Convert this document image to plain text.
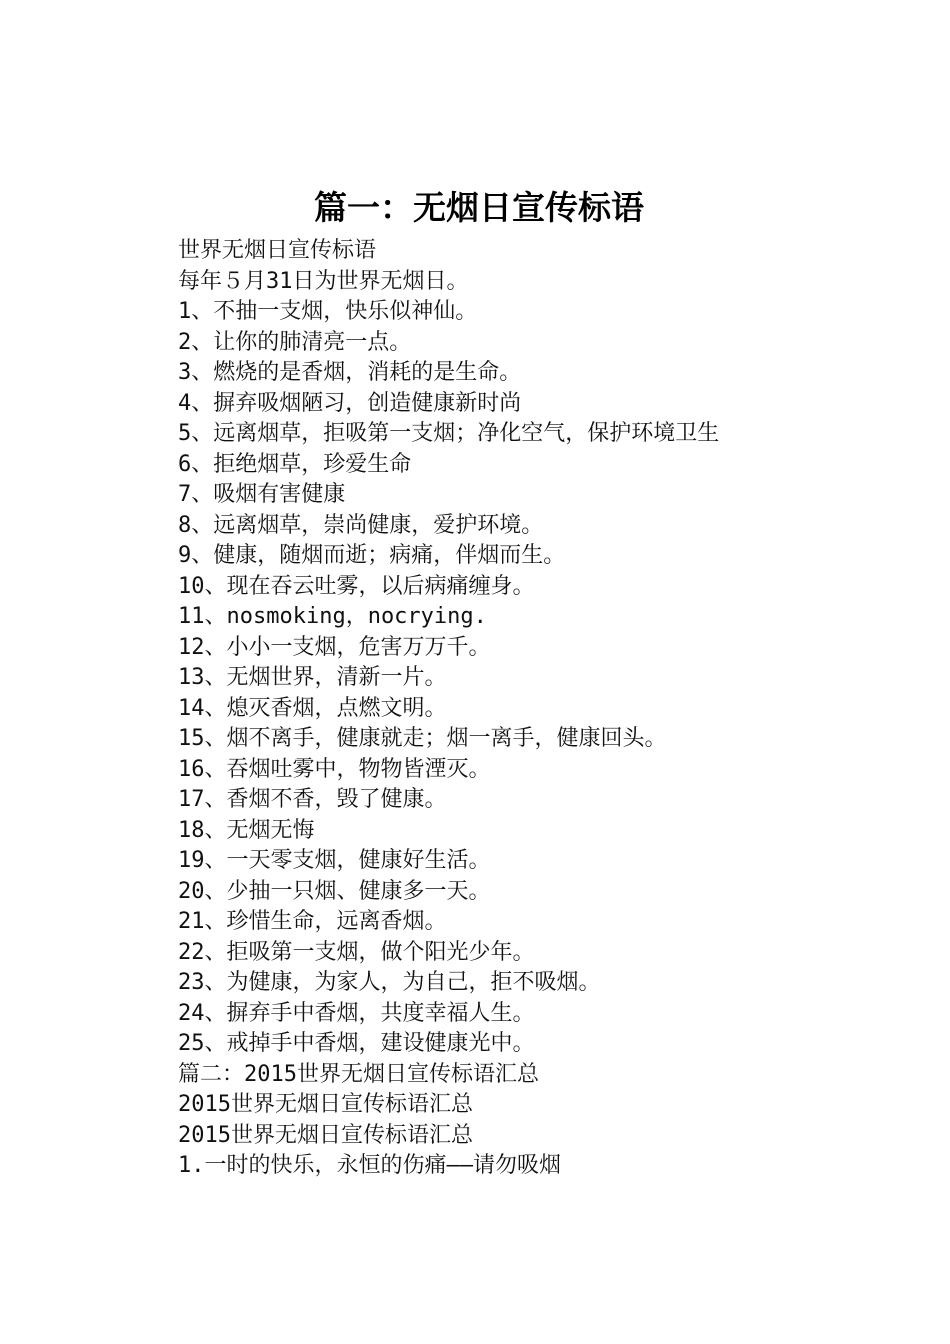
篇一：无烟日宣传标语

世界无烟日宣传标语

每年５月31日为世界无烟日。

1、不抽一支烟，快乐似神仙。

2、让你的肺清亮一点。

3、燃烧的是香烟，消耗的是生命。

4、摒弃吸烟陋习，创造健康新时尚

5、远离烟草，拒吸第一支烟；净化空气，保护环境卫生

6、拒绝烟草，珍爱生命

7、吸烟有害健康

8、远离烟草，崇尚健康，爱护环境。

9、健康，随烟而逝；病痛，伴烟而生。

10、现在吞云吐雾，以后病痛缠身。

11、nosmoking，nocrying.

12、小小一支烟，危害万万千。

13、无烟世界，清新一片。

14、熄灭香烟，点燃文明。

15、烟不离手，健康就走；烟一离手，健康回头。

16、吞烟吐雾中，物物皆湮灭。

17、香烟不香，毁了健康。

18、无烟无悔

19、一天零支烟，健康好生活。

20、少抽一只烟、健康多一天。

21、珍惜生命，远离香烟。

22、拒吸第一支烟，做个阳光少年。

23、为健康，为家人，为自己，拒不吸烟。

24、摒弃手中香烟，共度幸福人生。

25、戒掉手中香烟，建设健康光中。

篇二：2015世界无烟日宣传标语汇总

2015世界无烟日宣传标语汇总

2015世界无烟日宣传标语汇总

1.一时的快乐，永恒的伤痛——请勿吸烟
